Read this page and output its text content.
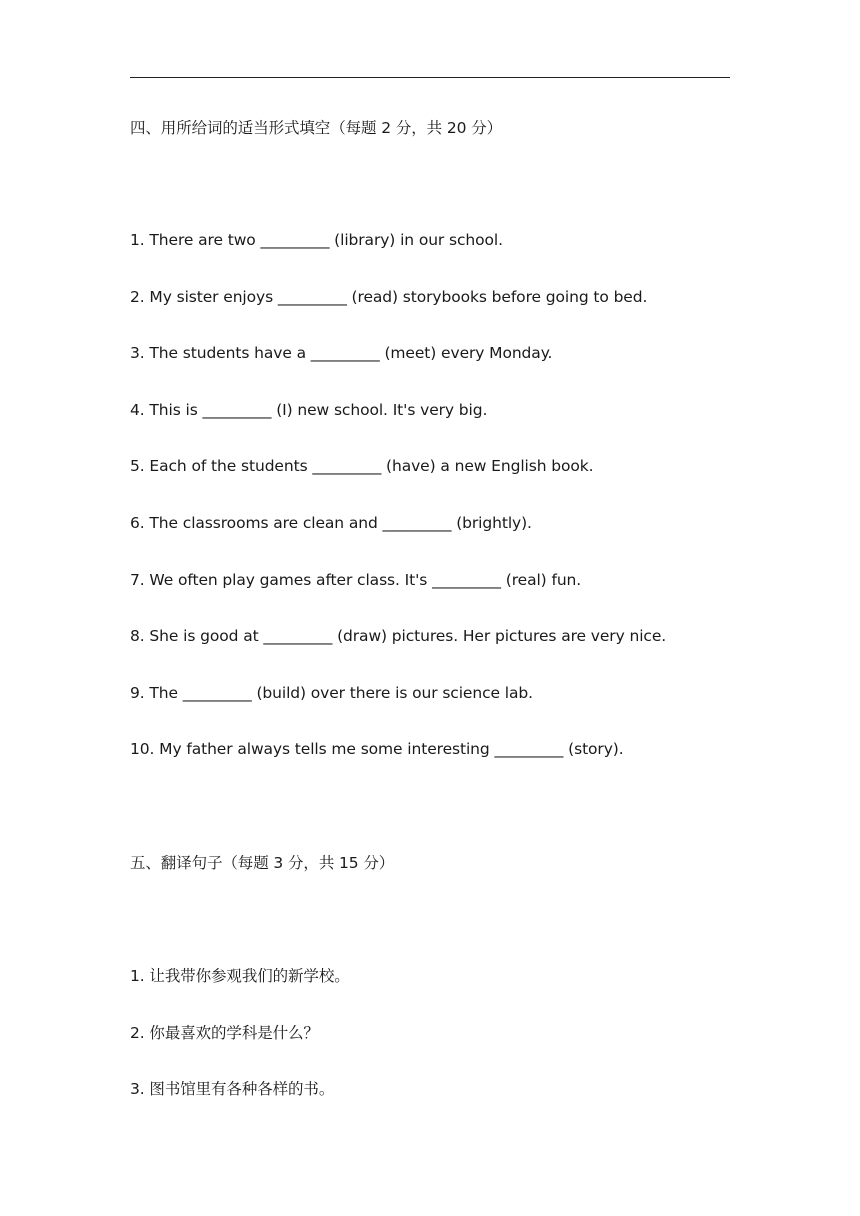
四、用所给词的适当形式填空（每题 2 分，共 20 分）
1. There are two _________ (library) in our school.
2. My sister enjoys _________ (read) storybooks before going to bed.
3. The students have a _________ (meet) every Monday.
4. This is _________ (I) new school. It's very big.
5. Each of the students _________ (have) a new English book.
6. The classrooms are clean and _________ (brightly).
7. We often play games after class. It's _________ (real) fun.
8. She is good at _________ (draw) pictures. Her pictures are very nice.
9. The _________ (build) over there is our science lab.
10. My father always tells me some interesting _________ (story).
五、翻译句子（每题 3 分，共 15 分）
1. 让我带你参观我们的新学校。
2. 你最喜欢的学科是什么？
3. 图书馆里有各种各样的书。
